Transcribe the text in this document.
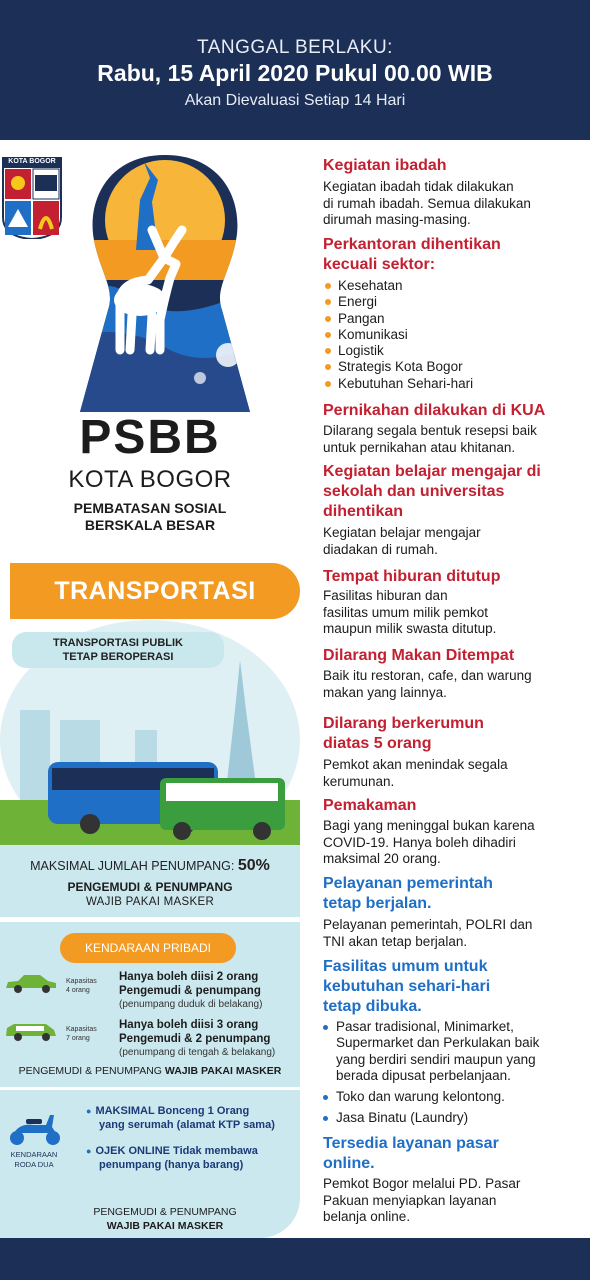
TANGGAL BERLAKU:
Rabu, 15 April 2020 Pukul 00.00 WIB
Akan Dievaluasi Setiap 14 Hari
KOTA BOGOR
PSBB
KOTA BOGOR
PEMBATASAN SOSIAL
BERSKALA BESAR
TRANSPORTASI
TRANSPORTASI PUBLIK
TETAP BEROPERASI
MAKSIMAL JUMLAH PENUMPANG: 50%
PENGEMUDI & PENUMPANG
WAJIB PAKAI MASKER
KENDARAAN PRIBADI
Kapasitas
4 orang
Hanya boleh diisi 2 orang
Pengemudi & penumpang
(penumpang duduk di belakang)
Kapasitas
7 orang
Hanya boleh diisi 3 orang
Pengemudi & 2 penumpang
(penumpang di tengah & belakang)
PENGEMUDI & PENUMPANG WAJIB PAKAI MASKER
KENDARAAN
RODA DUA
● MAKSIMAL Bonceng 1 Orang
yang serumah (alamat KTP sama)
● OJEK ONLINE Tidak membawa
penumpang (hanya barang)
PENGEMUDI & PENUMPANG
WAJIB PAKAI MASKER
Kegiatan ibadah
Kegiatan ibadah tidak dilakukan
di rumah ibadah. Semua dilakukan
dirumah masing-masing.
Perkantoran dihentikan
kecuali sektor:
Kesehatan
Energi
Pangan
Komunikasi
Logistik
Strategis Kota Bogor
Kebutuhan Sehari-hari
Pernikahan dilakukan di KUA
Dilarang segala bentuk resepsi baik
untuk pernikahan atau khitanan.
Kegiatan belajar mengajar di
sekolah dan universitas
dihentikan
Kegiatan belajar mengajar
diadakan di rumah.
Tempat hiburan ditutup
Fasilitas hiburan dan
fasilitas umum milik pemkot
maupun milik swasta ditutup.
Dilarang Makan Ditempat
Baik itu restoran, cafe, dan warung
makan yang lainnya.
Dilarang berkerumun
diatas 5 orang
Pemkot akan menindak segala
kerumunan.
Pemakaman
Bagi yang meninggal bukan karena
COVID-19. Hanya boleh dihadiri
maksimal 20 orang.
Pelayanan pemerintah
tetap berjalan.
Pelayanan pemerintah, POLRI dan
TNI akan tetap berjalan.
Fasilitas umum untuk
kebutuhan sehari-hari
tetap dibuka.
Pasar tradisional, Minimarket,
Supermarket dan Perkulakan baik
yang berdiri sendiri maupun yang
berada dipusat perbelanjaan.
Toko dan warung kelontong.
Jasa Binatu (Laundry)
Tersedia layanan pasar
online.
Pemkot Bogor melalui PD. Pasar
Pakuan menyiapkan layanan
belanja online.
